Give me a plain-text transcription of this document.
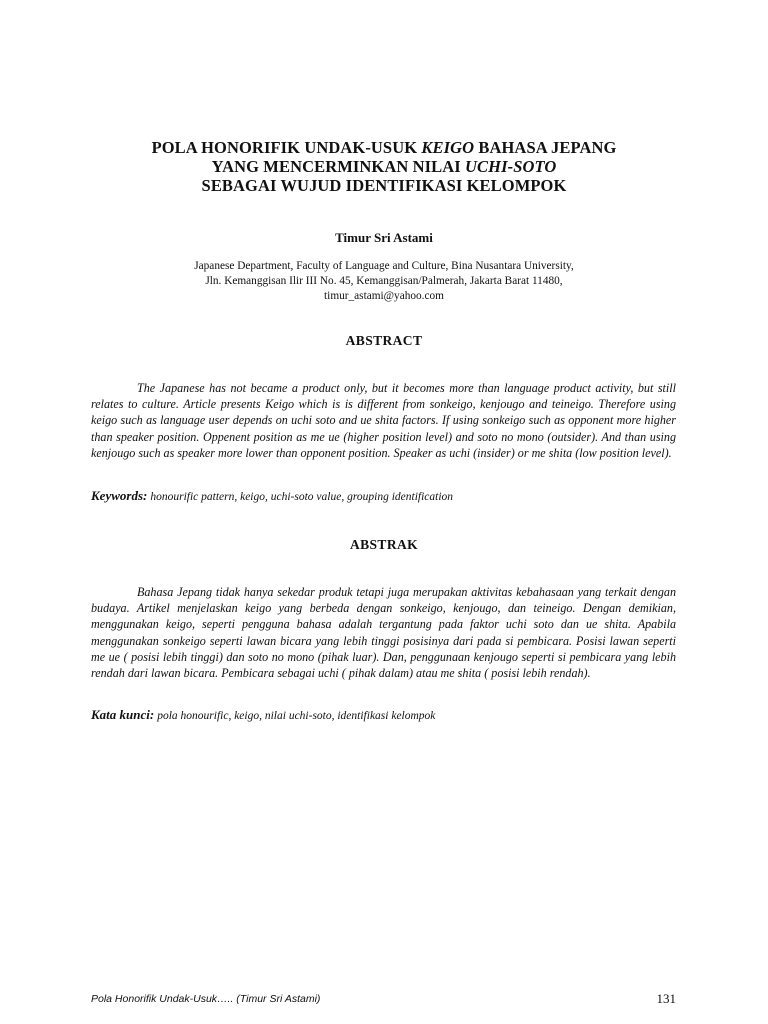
POLA HONORIFIK UNDAK-USUK KEIGO BAHASA JEPANG
YANG MENCERMINKAN NILAI UCHI-SOTO
SEBAGAI WUJUD IDENTIFIKASI KELOMPOK
Timur Sri Astami
Japanese Department, Faculty of Language and Culture, Bina Nusantara University,
Jln. Kemanggisan Ilir III No. 45, Kemanggisan/Palmerah, Jakarta Barat 11480,
timur_astami@yahoo.com
ABSTRACT

The Japanese has not became a product only, but it becomes more than language product activity, but still relates to culture. Article presents Keigo which is is different from sonkeigo, kenjougo and teineigo. Therefore using keigo such as language user depends on uchi soto and ue shita factors. If using sonkeigo such as opponent more higher than speaker position. Oppenent position as me ue (higher position level) and soto no mono (outsider). And than using kenjougo such as speaker more lower than opponent position. Speaker as uchi (insider) or me shita (low position level).

Keywords: honourific pattern, keigo, uchi-soto value, grouping identification
ABSTRAK

Bahasa Jepang tidak hanya sekedar produk tetapi juga merupakan aktivitas kebahasaan yang terkait dengan budaya. Artikel menjelaskan keigo yang berbeda dengan sonkeigo, kenjougo, dan teineigo. Dengan demikian, menggunakan keigo, seperti pengguna bahasa adalah tergantung pada faktor uchi soto dan ue shita. Apabila menggunakan sonkeigo seperti lawan bicara yang lebih tinggi posisinya dari pada si pembicara. Posisi lawan seperti me ue ( posisi lebih tinggi) dan soto no mono (pihak luar). Dan, penggunaan kenjougo seperti si pembicara yang lebih rendah dari lawan bicara. Pembicara sebagai uchi ( pihak dalam) atau me shita ( posisi lebih rendah).

Kata kunci: pola honourific, keigo, nilai uchi-soto, identifikasi kelompok
Pola Honorifik Undak-Usuk….. (Timur Sri Astami)	131
